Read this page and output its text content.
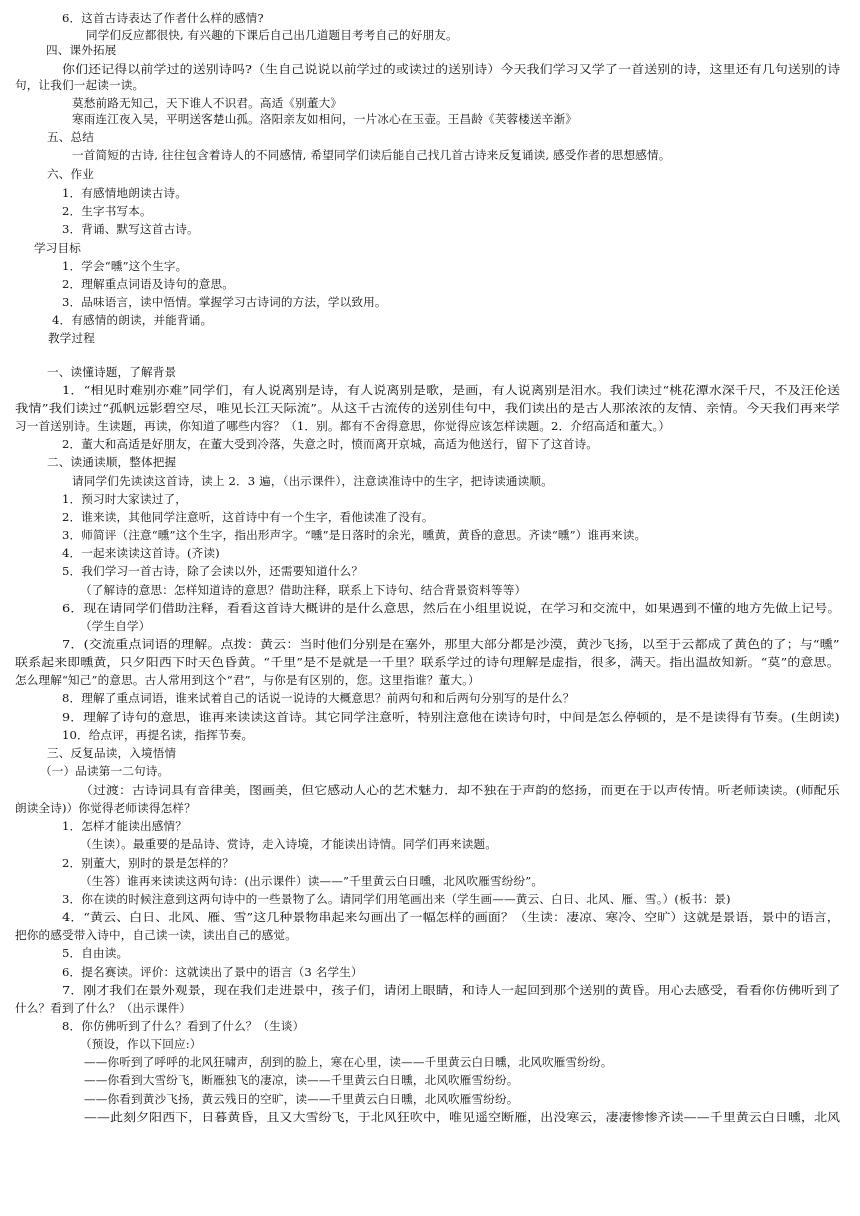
6．这首古诗表达了作者什么样的感情?
同学们反应都很快, 有兴趣的下课后自己出几道题目考考自己的好朋友。
四、课外拓展
你们还记得以前学过的送别诗吗?（生自己说说以前学过的或读过的送别诗）今天我们学习又学了一首送别的诗，这里还有几句送别的诗
句，让我们一起读一读。
莫愁前路无知己，天下谁人不识君。高适《别董大》
寒雨连江夜入吴，平明送客楚山孤。洛阳亲友如相问，一片冰心在玉壶。王昌龄《芙蓉楼送辛渐》
五、总结
一首简短的古诗, 往往包含着诗人的不同感情, 希望同学们读后能自己找几首古诗来反复诵读, 感受作者的思想感情。
六、作业
1．有感情地朗读古诗。
2．生字书写本。
3．背诵、默写这首古诗。
学习目标
1．学会“曛”这个生字。
2．理解重点词语及诗句的意思。
3．品味语言，读中悟情。掌握学习古诗词的方法，学以致用。
4．有感情的朗读，并能背诵。
教学过程
一、读懂诗题，了解背景
1．“相见时难别亦难”同学们，有人说离别是诗，有人说离别是歌，是画，有人说离别是泪水。我们读过“桃花潭水深千尺，不及汪伦送
我情”我们读过“孤帆远影碧空尽，唯见长江天际流”。从这千古流传的送别佳句中，我们读出的是古人那浓浓的友情、亲情。今天我们再来学
习一首送别诗。生读题，再读，你知道了哪些内容？（1．别。都有不舍得意思，你觉得应该怎样读题。2．介绍高适和董大。）
2．董大和高适是好朋友，在董大受到冷落，失意之时，愤而离开京城，高适为他送行，留下了这首诗。
二、读通读顺，整体把握
请同学们先读读这首诗，读上 2．3 遍，（出示课件），注意读准诗中的生字，把诗读通读顺。
1．预习时大家读过了，
2．谁来读，其他同学注意听，这首诗中有一个生字，看他读准了没有。
3．师简评（注意“曛”这个生字，指出形声字。“曛”是日落时的余光，曛黄，黄昏的意思。齐读“曛”）谁再来读。
4．一起来读读这首诗。(齐读)
5．我们学习一首古诗，除了会读以外，还需要知道什么？
（了解诗的意思：怎样知道诗的意思？借助注释，联系上下诗句、结合背景资料等等）
6．现在请同学们借助注释，看看这首诗大概讲的是什么意思，然后在小组里说说，在学习和交流中，如果遇到不懂的地方先做上记号。
（学生自学）
7．(交流重点词语的理解。点拨：黄云：当时他们分别是在塞外，那里大部分都是沙漠，黄沙飞扬，以至于云都成了黄色的了；与“曛”
联系起来即曛黄，只夕阳西下时天色昏黄。“千里”是不是就是一千里？联系学过的诗句理解是虚指，很多，满天。指出温故知新。“莫”的意思。
怎么理解“知己”的意思。古人常用到这个“君”，与你是有区别的，您。这里指谁？董大。）
8．理解了重点词语，谁来试着自己的话说一说诗的大概意思？前两句和和后两句分别写的是什么？
9．理解了诗句的意思，谁再来读读这首诗。其它同学注意听，特别注意他在读诗句时，中间是怎么停顿的，是不是读得有节奏。(生朗读)
10．给点评，再提名读，指挥节奏。
三、反复品读，入境悟情
（一）品读第一二句诗。
（过渡：古诗词具有音律美，图画美，但它感动人心的艺术魅力．却不独在于声韵的悠扬，而更在于以声传情。听老师读读。(师配乐
朗读全诗)）你觉得老师读得怎样？
1．怎样才能读出感情？
（生读）。最重要的是品诗、赏诗，走入诗境，才能读出诗情。同学们再来读题。
2．别董大，别时的景是怎样的？
（生答）谁再来读读这两句诗：(出示课件）读——”千里黄云白日曛，北风吹雁雪纷纷”。
3．你在读的时候注意到这两句诗中的一些景物了么。请同学们用笔画出来（学生画——黄云、白日、北风、雁、雪。）(板书：景)
4．“黄云、白日、北风、雁、雪”这几种景物串起来勾画出了一幅怎样的画面？（生读：凄凉、寒冷、空旷）这就是景语，景中的语言，
把你的感受带入诗中，自己读一读，读出自己的感觉。
5．自由读。
6．提名赛读。评价：这就读出了景中的语言（3 名学生）
7．刚才我们在景外观景，现在我们走进景中，孩子们，请闭上眼睛，和诗人一起回到那个送别的黄昏。用心去感受，看看你仿佛听到了
什么？看到了什么？（出示课件）
8．你仿佛听到了什么？看到了什么？（生谈）
（预设，作以下回应:）
——你听到了呼呼的北风狂啸声，刮到的脸上，寒在心里，读——千里黄云白日曛，北风吹雁雪纷纷。
——你看到大雪纷飞，断雁独飞的凄凉，读——千里黄云白日曛，北风吹雁雪纷纷。
——你看到黄沙飞扬，黄云残日的空旷，读——千里黄云白日曛，北风吹雁雪纷纷。
——此刻夕阳西下，日暮黄昏，且又大雪纷飞，于北风狂吹中，唯见遥空断雁，出没寒云，凄凄惨惨齐读——千里黄云白日曛，北风
